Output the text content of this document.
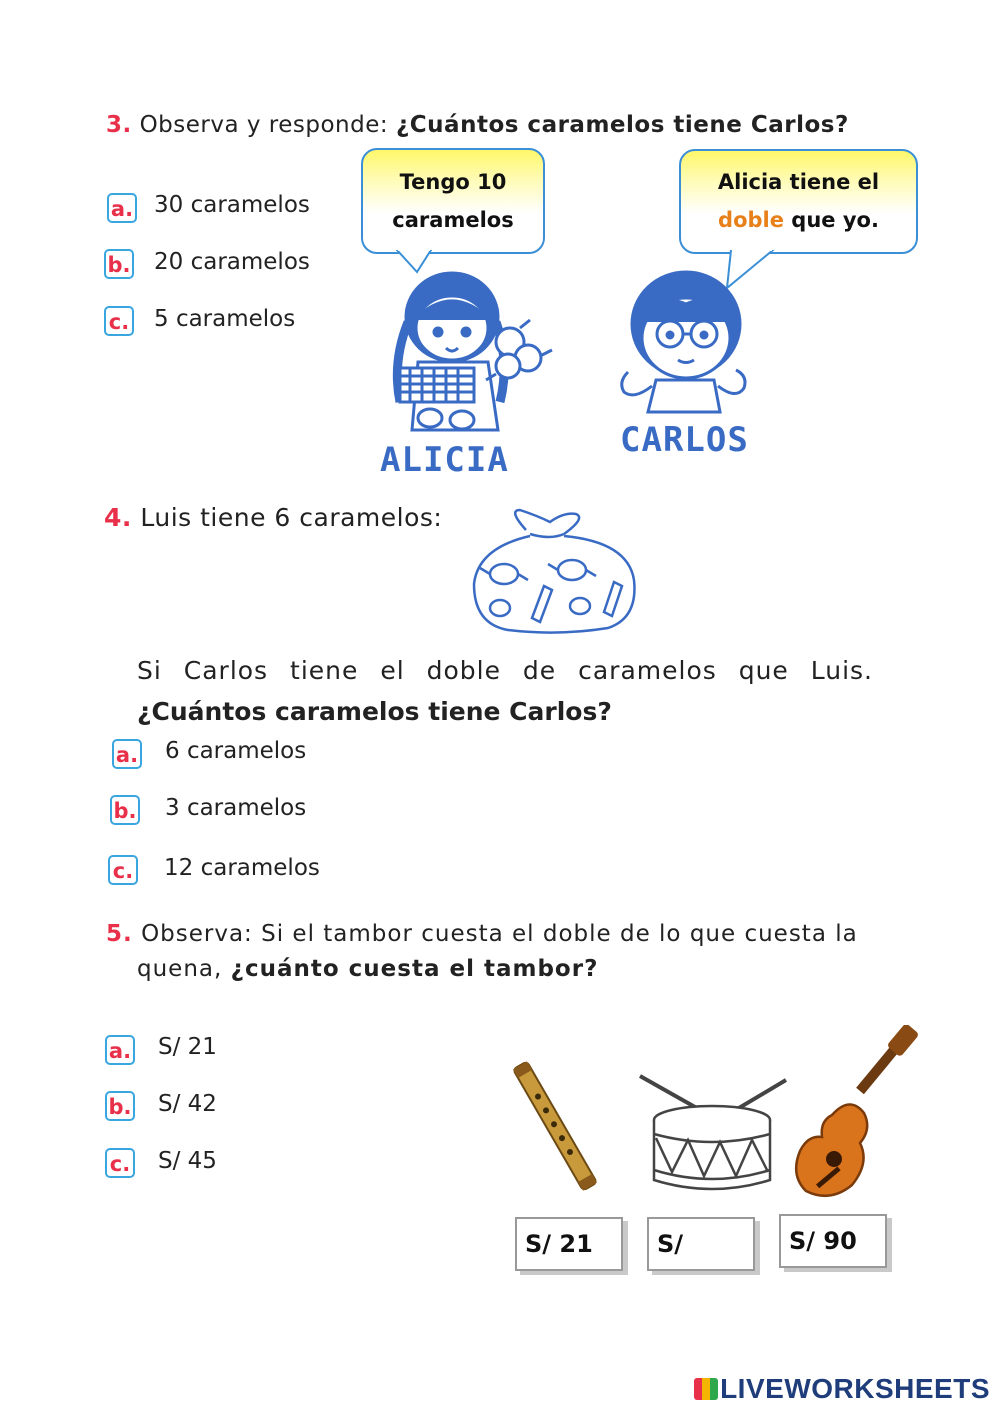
3. Observa y responde: ¿Cuántos caramelos tiene Carlos?
a. 30 caramelos
b. 20 caramelos
c. 5 caramelos
Tengo 10
caramelos
Alicia tiene el
doble que yo.
ALICIA	CARLOS
4. Luis tiene 6 caramelos:
Si Carlos tiene el doble de caramelos que Luis.
¿Cuántos caramelos tiene Carlos?
a. 6 caramelos
b. 3 caramelos
c. 12 caramelos
5. Observa: Si el tambor cuesta el doble de lo que cuesta la
quena, ¿cuánto cuesta el tambor?
a. S/ 21
b. S/ 42
c. S/ 45
S/ 21	S/	S/ 90
LIVEWORKSHEETS
